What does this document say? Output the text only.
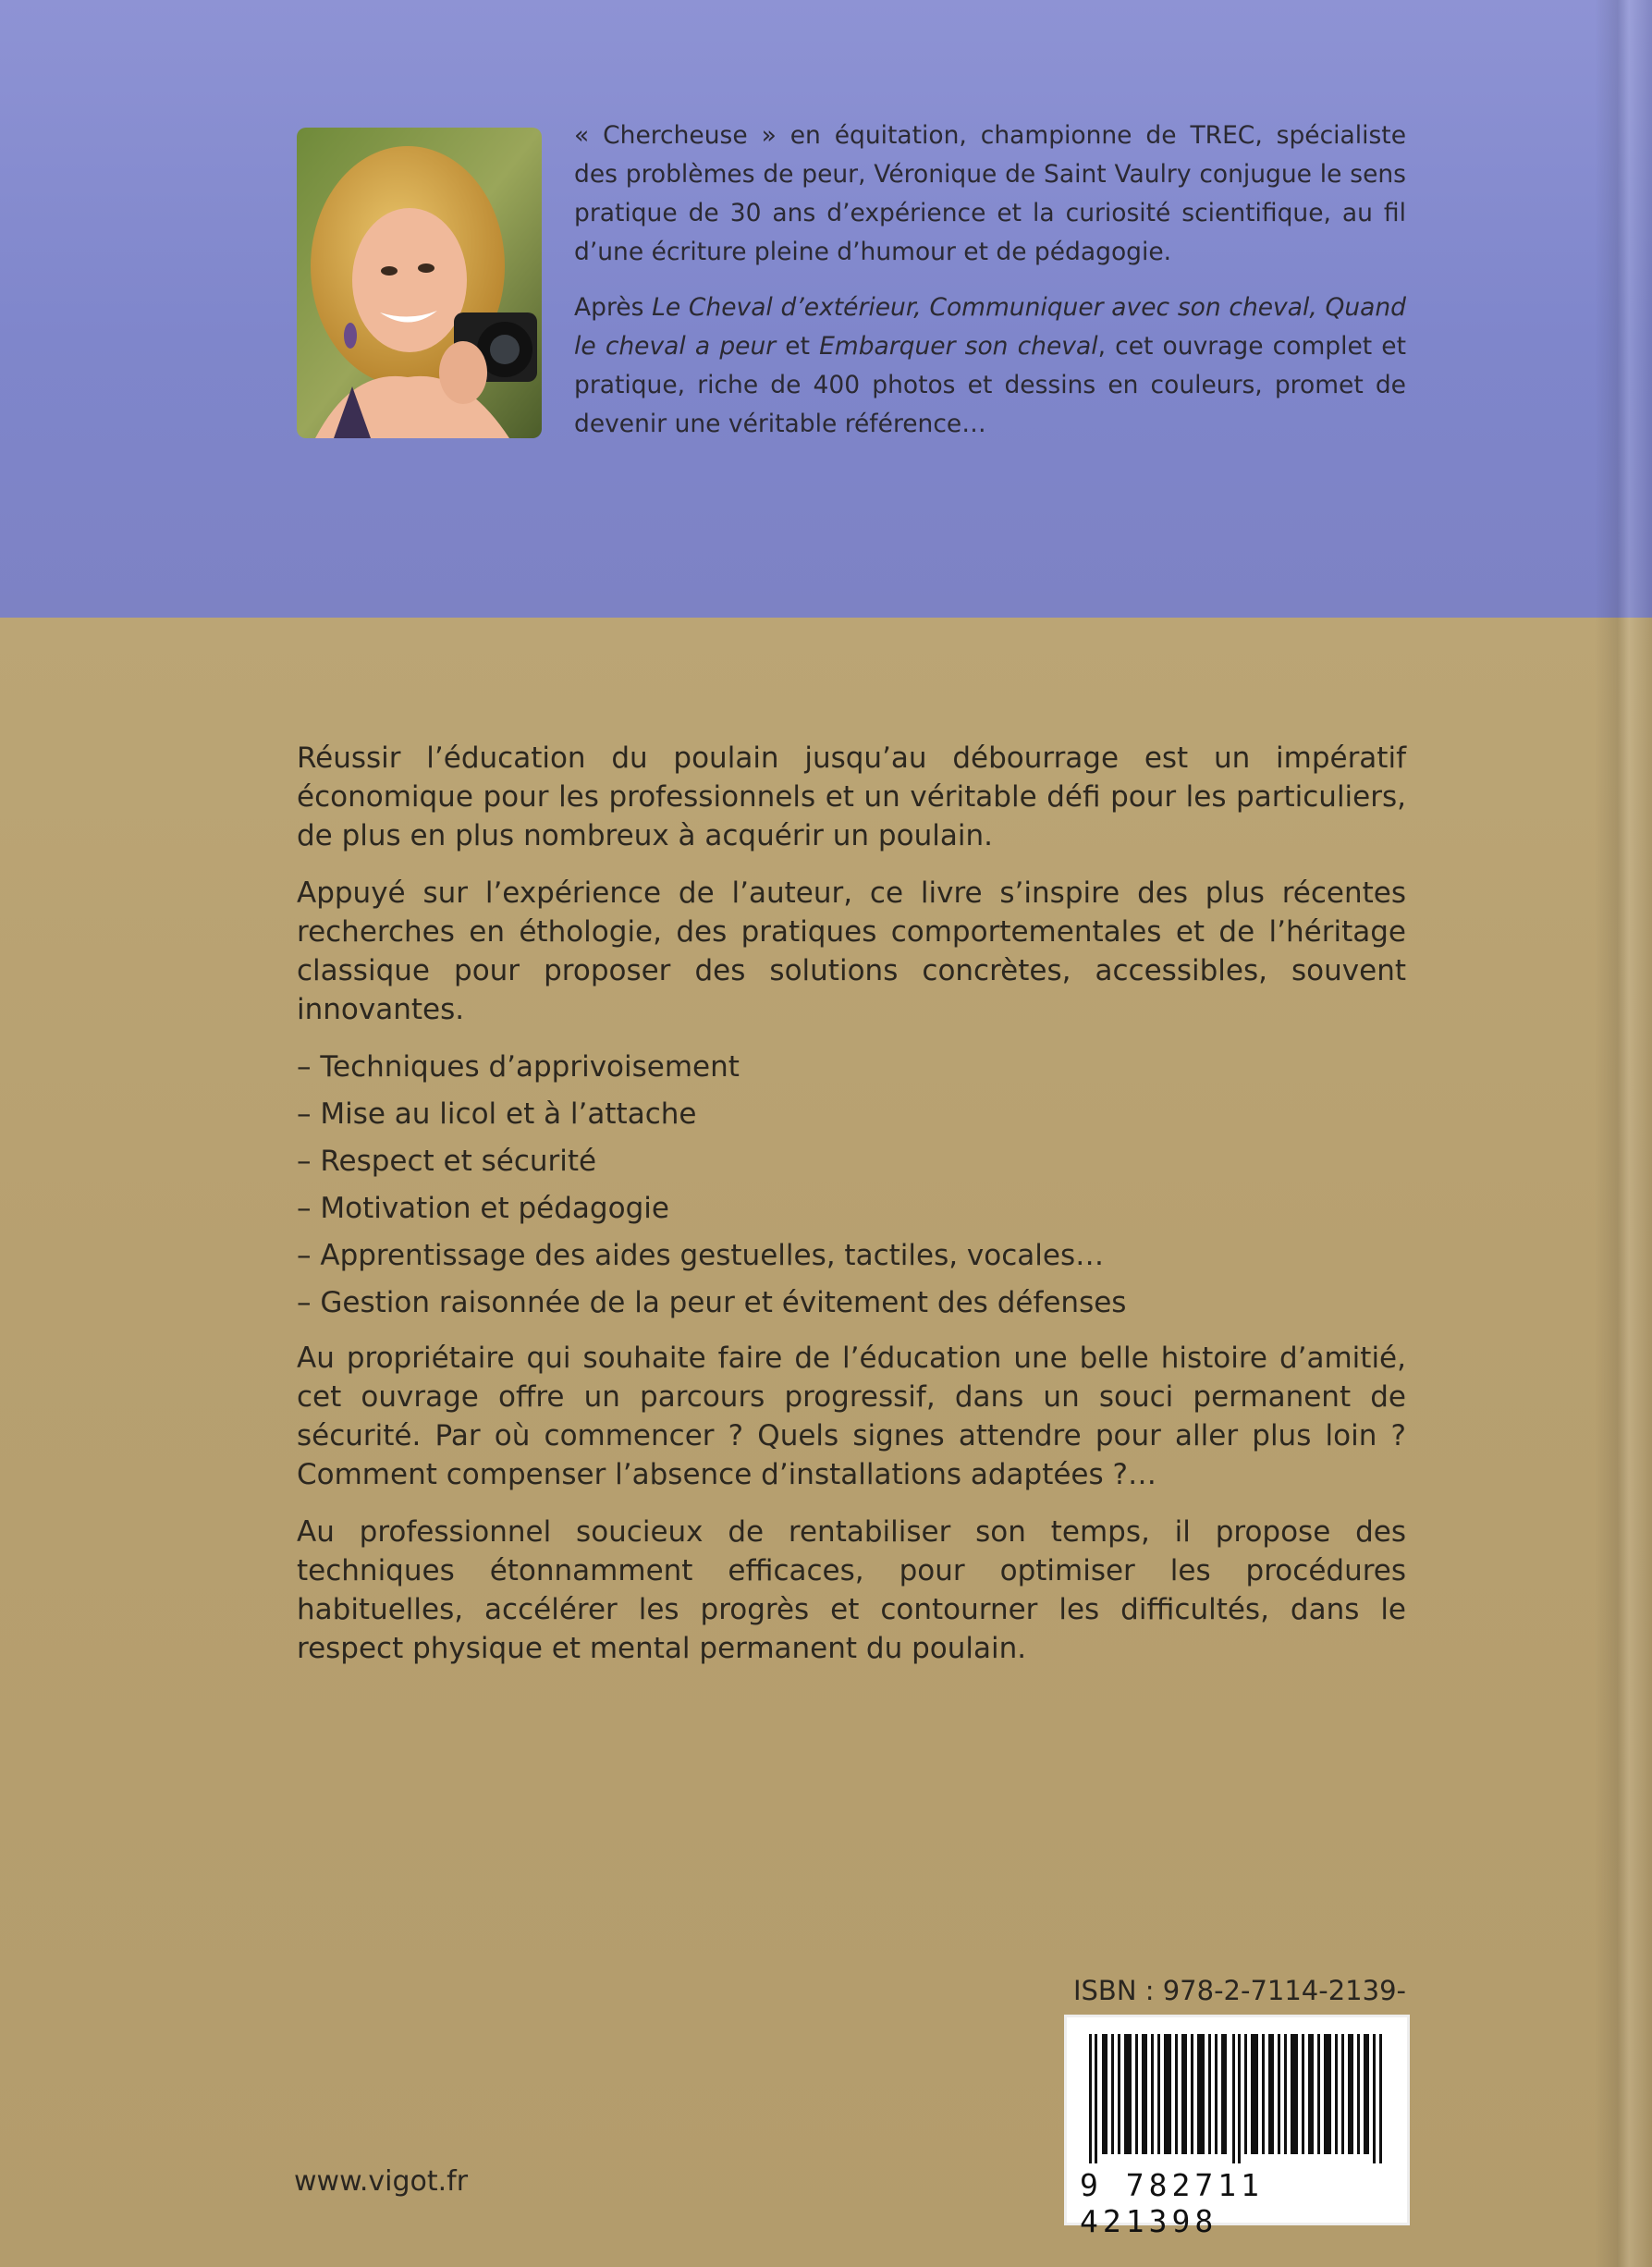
« Chercheuse » en équitation, championne de TREC, spécialiste des problèmes de peur, Véronique de Saint Vaulry conjugue le sens pratique de 30 ans d’expérience et la curiosité scientifique, au fil d’une écriture pleine d’humour et de pédagogie.

Après Le Cheval d’extérieur, Communiquer avec son cheval, Quand le cheval a peur et Embarquer son cheval, cet ouvrage complet et pratique, riche de 400 photos et dessins en couleurs, promet de devenir une véritable référence…

Réussir l’éducation du poulain jusqu’au débourrage est un impératif économique pour les professionnels et un véritable défi pour les particuliers, de plus en plus nombreux à acquérir un poulain.

Appuyé sur l’expérience de l’auteur, ce livre s’inspire des plus récentes recherches en éthologie, des pratiques comportementales et de l’héritage classique pour proposer des solutions concrètes, accessibles, souvent innovantes.

– Techniques d’apprivoisement
– Mise au licol et à l’attache
– Respect et sécurité
– Motivation et pédagogie
– Apprentissage des aides gestuelles, tactiles, vocales…
– Gestion raisonnée de la peur et évitement des défenses

Au propriétaire qui souhaite faire de l’éducation une belle histoire d’amitié, cet ouvrage offre un parcours progressif, dans un souci permanent de sécurité. Par où commencer ? Quels signes attendre pour aller plus loin ? Comment compenser l’absence d’installations adaptées ?…

Au professionnel soucieux de rentabiliser son temps, il propose des techniques étonnamment efficaces, pour optimiser les procédures habituelles, accélérer les progrès et contourner les difficultés, dans le respect physique et mental permanent du poulain.

ISBN : 978-2-7114-2139-
9 782711 421398
www.vigot.fr
